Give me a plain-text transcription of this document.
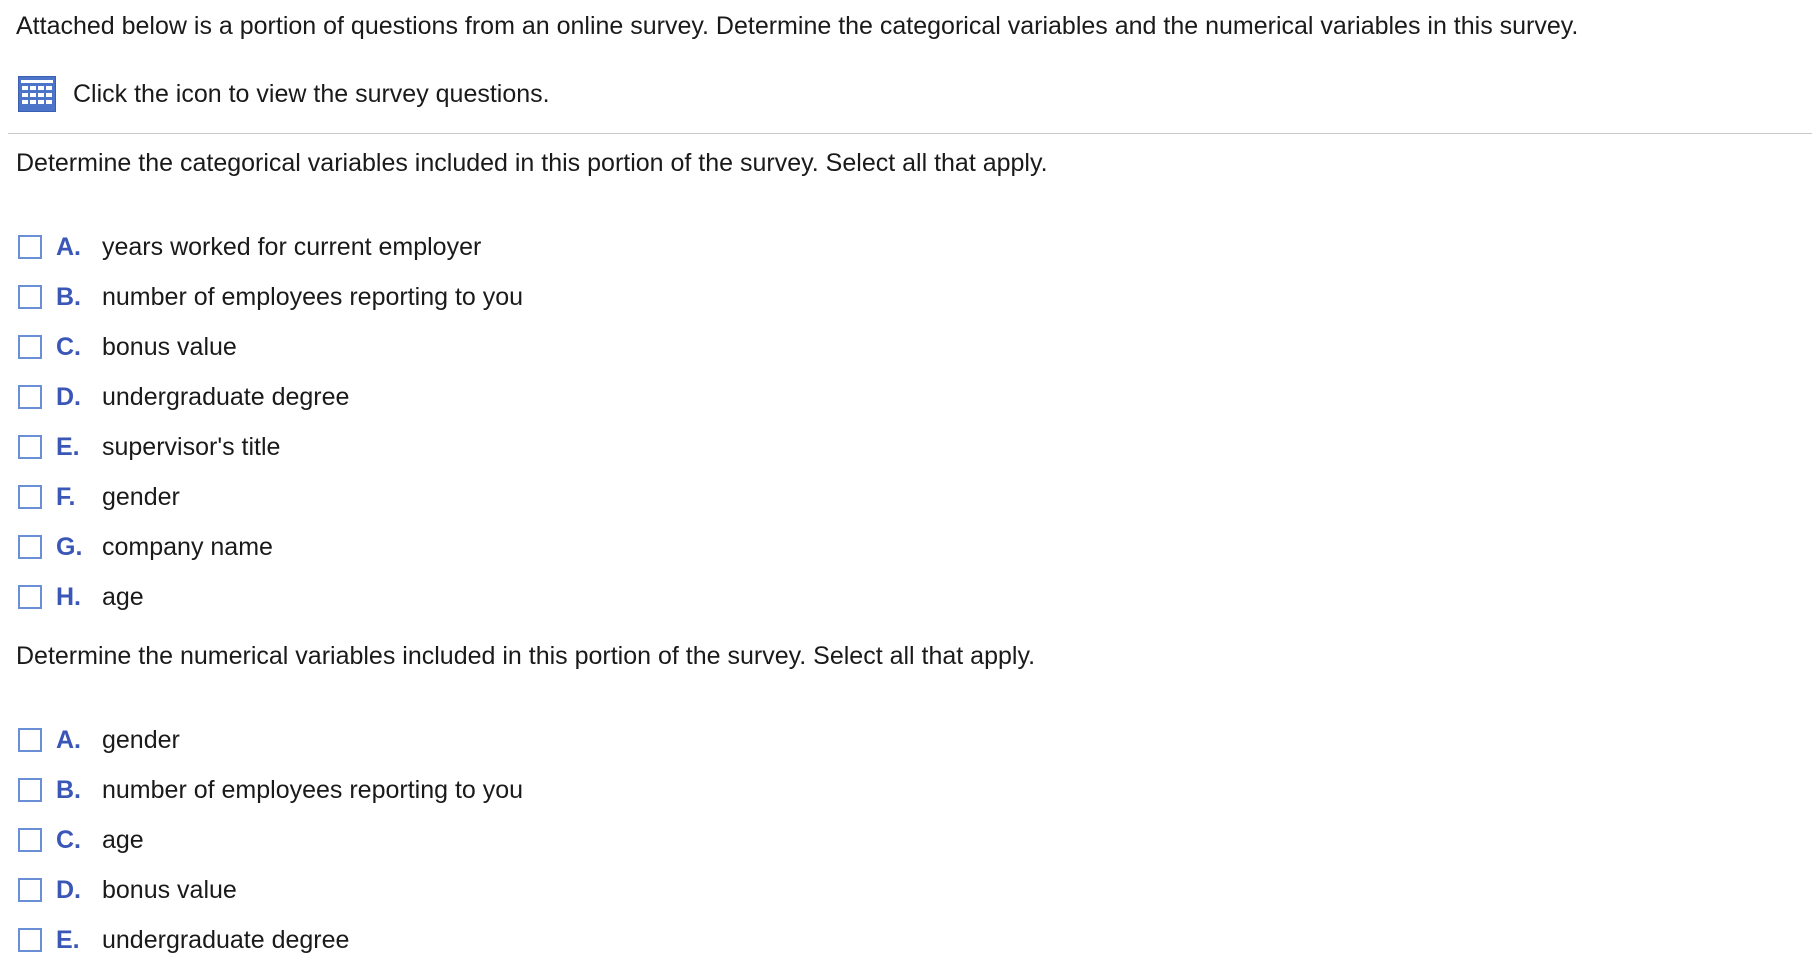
Attached below is a portion of questions from an online survey. Determine the categorical variables and the numerical variables in this survey.
Click the icon to view the survey questions.
Determine the categorical variables included in this portion of the survey. Select all that apply.
A. years worked for current employer
B. number of employees reporting to you
C. bonus value
D. undergraduate degree
E. supervisor's title
F.	gender
G. company name
H. age
Determine the numerical variables included in this portion of the survey. Select all that apply.
A. gender
B. number of employees reporting to you
C. age
D. bonus value
E. undergraduate degree
